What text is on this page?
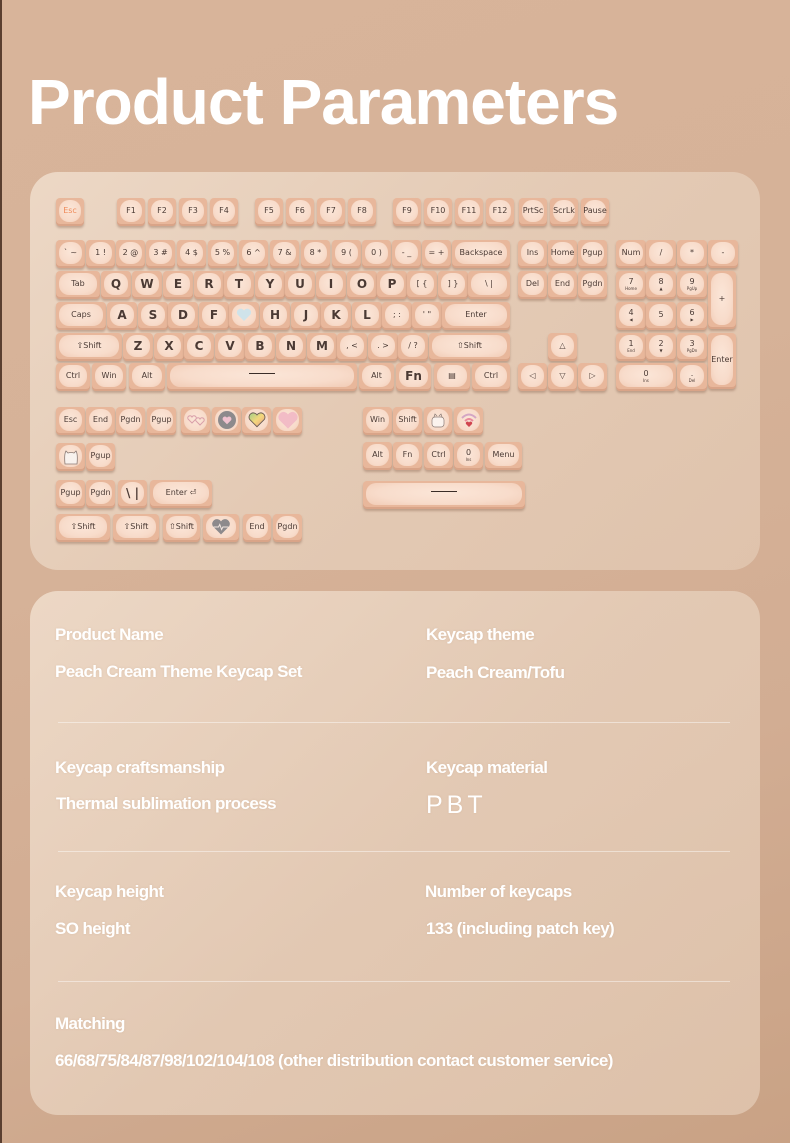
Product Parameters
Esc	F1	F2	F3	F4	F5	F6	F7	F8	F9 F10 F11 F12 PrtSc ScrLk Pause
` ~ 1 ! 2 @ 3 # 4 $ 5 % 6 ^ 7 & 8 * 9 ( 0 ) - _ = + Backspace
Tab Q W E R T Y U I O P	[ {	] }	\ |
Caps A S D F	H J K L	; :	' "	Enter
⇧Shift	Z X C V B N M , < . > / ?	⇧Shift
Ctrl	Win	Alt	Alt Fn	▤	Ctrl
Ins Home Pgup
Del End Pgdn
△
◁	▽	▷
Num /	*	-
7
Home
8
▲
9
PgUp
+
4
◀
5	6
▶
1
End
2
▼
3
PgDn
Enter
0
Ins
.
Del
Esc End Pgdn Pgup
Pgup
Pgup Pgdn \ |	Enter ⏎
⇧Shift	⇧Shift	⇧Shift	End Pgdn
Win Shift
Alt Fn Ctrl	0
Ins	Menu
Product Name
Peach Cream Theme Keycap Set
Keycap theme
Peach Cream/Tofu
Keycap craftsmanship
Thermal sublimation process
Keycap material
PBT
Keycap height
SO height
Number of keycaps
133 (including patch key)
Matching
66/68/75/84/87/98/102/104/108 (other distribution contact customer service)
